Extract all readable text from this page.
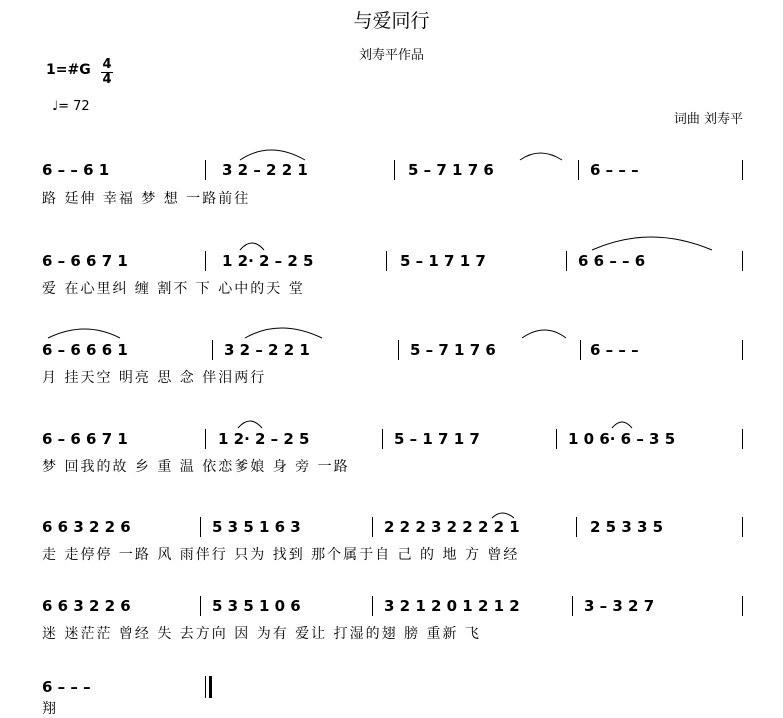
与爱同行
刘寿平作品
1=#G 4
4
♩= 72
词曲 刘寿平
6 – – 6 1	3 2 – 2 2 1	5 – 7 1 7 6	6 – – –
路 廷伸 幸福 梦 想 一路前往
6 – 6 6 7 1	1 2· 2 – 2 5	5 – 1 7 1 7	6 6 – – 6
爱 在心里纠 缠 割不 下 心中的天 堂
6 – 6 6 6 1	3 2 – 2 2 1	5 – 7 1 7 6	6 – – –
月 挂天空 明亮 思 念 伴泪两行
6 – 6 6 7 1	1 2· 2 – 2 5	5 – 1 7 1 7	1 0 6· 6 – 3 5
梦 回我的故 乡 重 温 依恋爹娘 身 旁 一路
6 6 3 2 2 6	5 3 5 1 6 3	2 2 2 3 2 2 2 2 1	2 5 3 3 5
走 走停停 一路 风 雨伴行 只为 找到 那个属于自 己 的 地 方 曾经
6 6 3 2 2 6	5 3 5 1 0 6	3 2 1 2 0 1 2 1 2	3 – 3 2 7
迷 迷茫茫 曾经 失 去方向 因 为有 爱让 打湿的翅 膀 重新 飞
6 – – –
翔
